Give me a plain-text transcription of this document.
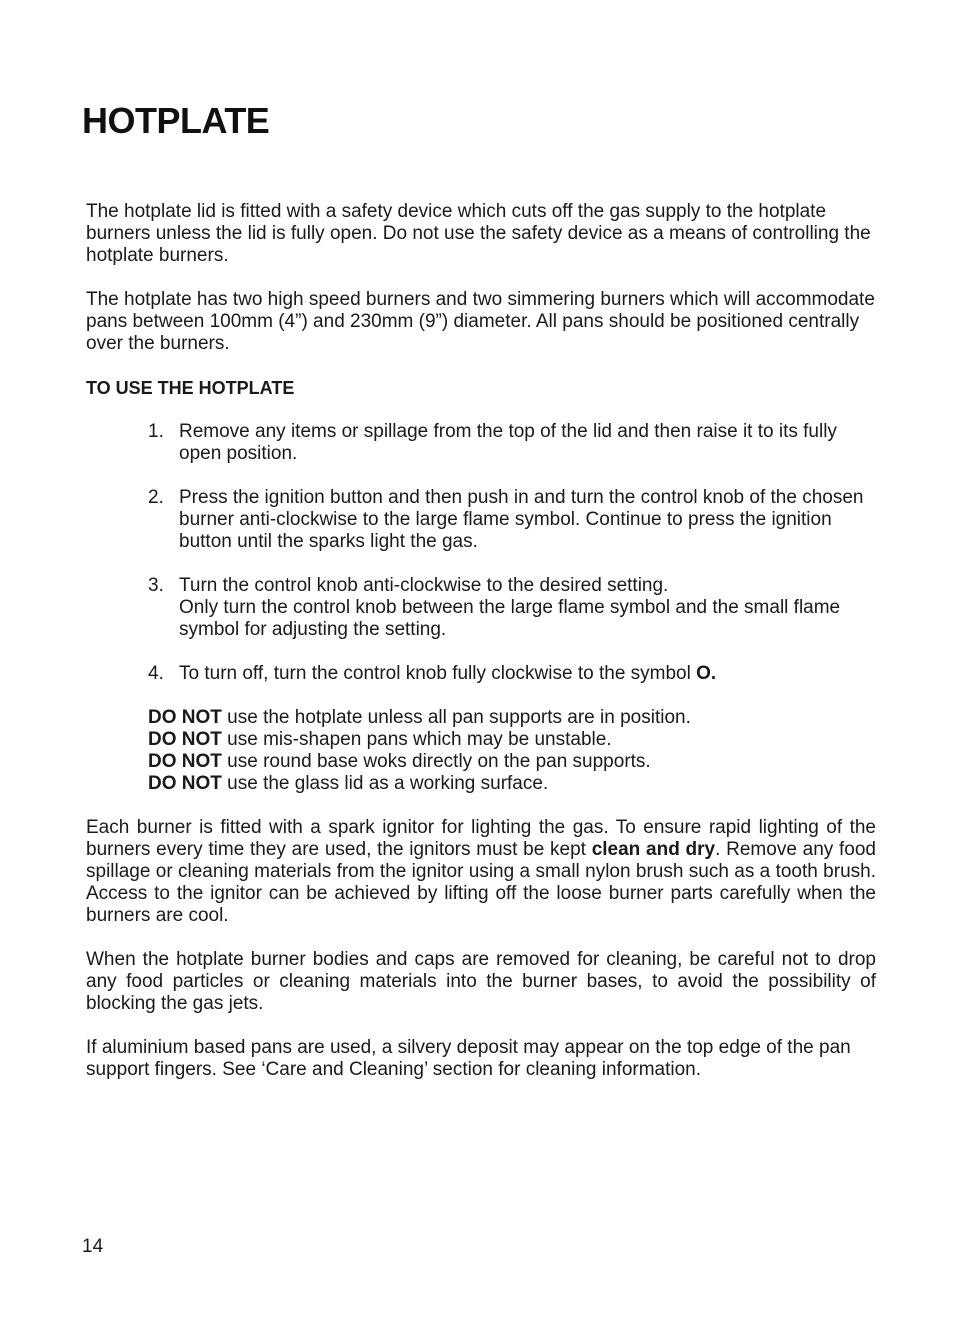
HOTPLATE

The hotplate lid is fitted with a safety device which cuts off the gas supply to the hotplate burners unless the lid is fully open. Do not use the safety device as a means of controlling the hotplate burners.

The hotplate has two high speed burners and two simmering burners which will accommodate pans between 100mm (4”) and 230mm (9”) diameter. All pans should be positioned centrally over the burners.

TO USE THE HOTPLATE
1. Remove any items or spillage from the top of the lid and then raise it to its fully open position.
2. Press the ignition button and then push in and turn the control knob of the chosen burner anti-clockwise to the large flame symbol. Continue to press the ignition button until the sparks light the gas.
3. Turn the control knob anti-clockwise to the desired setting.
Only turn the control knob between the large flame symbol and the small flame symbol for adjusting the setting.
4. To turn off, turn the control knob fully clockwise to the symbol O.
DO NOT use the hotplate unless all pan supports are in position.
DO NOT use mis-shapen pans which may be unstable.
DO NOT use round base woks directly on the pan supports.
DO NOT use the glass lid as a working surface.

Each burner is fitted with a spark ignitor for lighting the gas. To ensure rapid lighting of the burners every time they are used, the ignitors must be kept clean and dry. Remove any food spillage or cleaning materials from the ignitor using a small nylon brush such as a tooth brush. Access to the ignitor can be achieved by lifting off the loose burner parts carefully when the burners are cool.

When the hotplate burner bodies and caps are removed for cleaning, be careful not to drop any food particles or cleaning materials into the burner bases, to avoid the possibility of blocking the gas jets.

If aluminium based pans are used, a silvery deposit may appear on the top edge of the pan support fingers. See ‘Care and Cleaning’ section for cleaning information.

14
